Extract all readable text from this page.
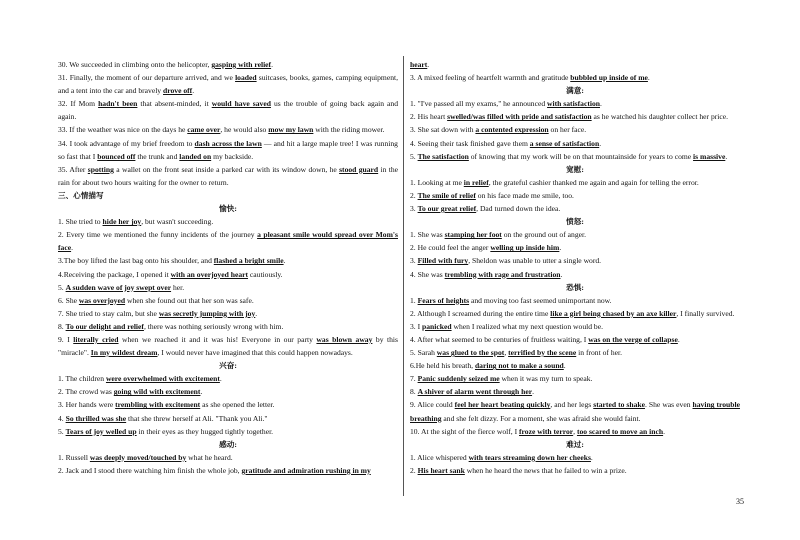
30. We succeeded in climbing onto the helicopter, gasping with relief.
31. Finally, the moment of our departure arrived, and we loaded suitcases, books, games, camping equipment, and a tent into the car and bravely drove off.
32. If Mom hadn't been that absent-minded, it would have saved us the trouble of going back again and again.
33. If the weather was nice on the days he came over, he would also mow my lawn with the riding mower.
34. I took advantage of my brief freedom to dash across the lawn — and hit a large maple tree! I was running so fast that I bounced off the trunk and landed on my backside.
35. After spotting a wallet on the front seat inside a parked car with its window down, he stood guard in the rain for about two hours waiting for the owner to return.
三、心情描写
愉快:
1. She tried to hide her joy, but wasn't succeeding.
2. Every time we mentioned the funny incidents of the journey a pleasant smile would spread over Mom's face.
3.The boy lifted the last bag onto his shoulder, and flashed a bright smile.
4.Receiving the package, I opened it with an overjoyed heart cautiously.
5. A sudden wave of joy swept over her.
6. She was overjoyed when she found out that her son was safe.
7. She tried to stay calm, but she was secretly jumping with joy.
8. To our delight and relief, there was nothing seriously wrong with him.
9. I literally cried when we reached it and it was his! Everyone in our party was blown away by this "miracle". In my wildest dream, I would never have imagined that this could happen nowadays.
兴奋:
1. The children were overwhelmed with excitement.
2. The crowd was going wild with excitement.
3. Her hands were trembling with excitement as she opened the letter.
4. So thrilled was she that she threw herself at Ali. "Thank you Ali."
5. Tears of joy welled up in their eyes as they hugged tightly together.
感动:
1. Russell was deeply moved/touched by what he heard.
2. Jack and I stood there watching him finish the whole job, gratitude and admiration rushing in my
heart.
3. A mixed feeling of heartfelt warmth and gratitude bubbled up inside of me.
满意:
1. "I've passed all my exams," he announced with satisfaction.
2. His heart swelled/was filled with pride and satisfaction as he watched his daughter collect her price.
3. She sat down with a contented expression on her face.
4. Seeing their task finished gave them a sense of satisfaction.
5. The satisfaction of knowing that my work will be on that mountainside for years to come is massive.
宽慰:
1. Looking at me in relief, the grateful cashier thanked me again and again for telling the error.
2. The smile of relief on his face made me smile, too.
3. To our great relief, Dad turned down the idea.
愤怒:
1. She was stamping her foot on the ground out of anger.
2. He could feel the anger welling up inside him.
3. Filled with fury, Sheldon was unable to utter a single word.
4. She was trembling with rage and frustration.
恐惧:
1. Fears of heights and moving too fast seemed unimportant now.
2. Although I screamed during the entire time like a girl being chased by an axe killer, I finally survived.
3. I panicked when I realized what my next question would be.
4. After what seemed to be centuries of fruitless waiting, I was on the verge of collapse.
5. Sarah was glued to the spot, terrified by the scene in front of her.
6.He held his breath, daring not to make a sound.
7. Panic suddenly seized me when it was my turn to speak.
8. A shiver of alarm went through her.
9. Alice could feel her heart beating quickly, and her legs started to shake. She was even having trouble breathing and she felt dizzy. For a moment, she was afraid she would faint.
10. At the sight of the fierce wolf, I froze with terror, too scared to move an inch.
难过:
1. Alice whispered with tears streaming down her cheeks.
2. His heart sank when he heard the news that he failed to win a prize.
35
